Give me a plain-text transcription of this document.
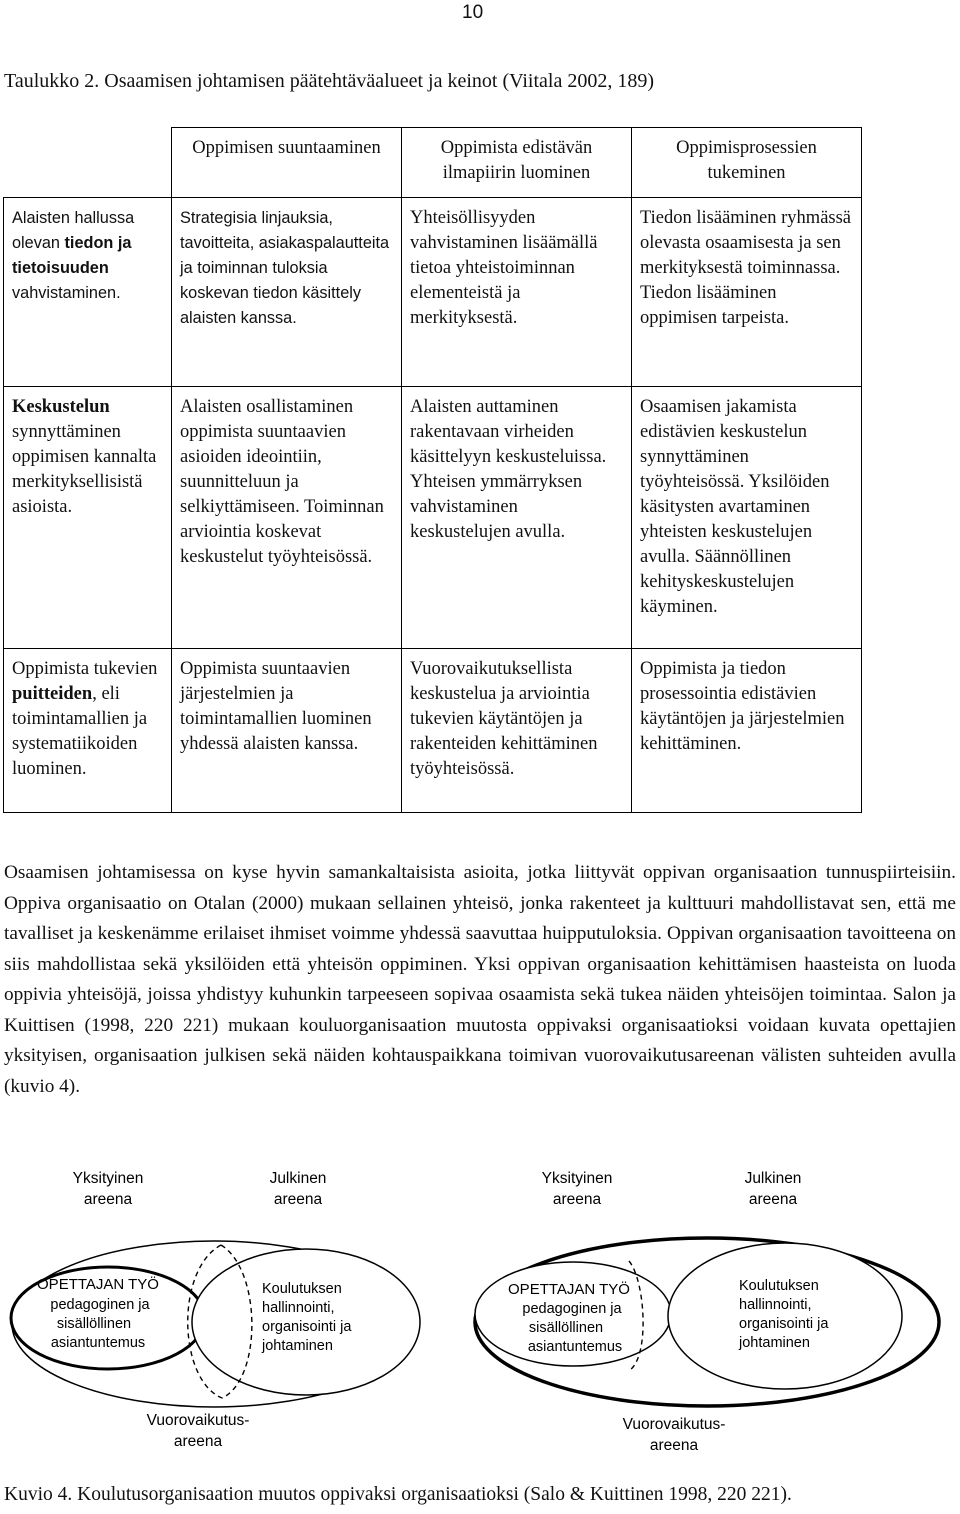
10
Taulukko 2. Osaamisen johtamisen päätehtäväalueet ja keinot (Viitala 2002, 189)
	Oppimisen suuntaaminen	Oppimista edistävän ilmapiirin luominen	Oppimisprosessien tukeminen
Alaisten hallussa olevan tiedon ja tietoisuuden vahvistaminen.	Strategisia linjauksia, tavoitteita, asiakaspalautteita ja toiminnan tuloksia koskevan tiedon käsittely alaisten kanssa.	Yhteisöllisyyden vahvistaminen lisäämällä tietoa yhteistoiminnan elementeistä ja merkityksestä.	Tiedon lisääminen ryhmässä olevasta osaamisesta ja sen merkityksestä toiminnassa. Tiedon lisääminen oppimisen tarpeista.
Keskustelun synnyttäminen oppimisen kannalta merkityksellisistä asioista.	Alaisten osallistaminen oppimista suuntaavien asioiden ideointiin, suunnitteluun ja selkiyttämiseen. Toiminnan arviointia koskevat keskustelut työyhteisössä.	Alaisten auttaminen rakentavaan virheiden käsittelyyn keskusteluissa. Yhteisen ymmärryksen vahvistaminen keskustelujen avulla.	Osaamisen jakamista edistävien keskustelun synnyttäminen työyhteisössä. Yksilöiden käsitysten avartaminen yhteisten keskustelujen avulla. Säännöllinen kehityskeskustelujen käyminen.
Oppimista tukevien puitteiden, eli toimintamallien ja systematiikoiden luominen.	Oppimista suuntaavien järjestelmien ja toimintamallien luominen yhdessä alaisten kanssa.	Vuorovaikutuksellista keskustelua ja arviointia tukevien käytäntöjen ja rakenteiden kehittäminen työyhteisössä.	Oppimista ja tiedon prosessointia edistävien käytäntöjen ja järjestelmien kehittäminen.

Osaamisen johtamisessa on kyse hyvin samankaltaisista asioita, jotka liittyvät oppivan organisaation tunnuspiirteisiin. Oppiva organisaatio on Otalan (2000) mukaan sellainen yhteisö, jonka rakenteet ja kulttuuri mahdollistavat sen, että me tavalliset ja keskenämme erilaiset ihmiset voimme yhdessä saavuttaa huipputuloksia. Oppivan organisaation tavoitteena on siis mahdollistaa sekä yksilöiden että yhteisön oppiminen. Yksi oppivan organisaation kehittämisen haasteista on luoda oppivia yhteisöjä, joissa yhdistyy kuhunkin tarpeeseen sopivaa osaamista sekä tukea näiden yhteisöjen toimintaa. Salon ja Kuittisen (1998, 220 221) mukaan kouluorganisaation muutosta oppivaksi organisaatioksi voidaan kuvata opettajien yksityisen, organisaation julkisen sekä näiden kohtauspaikkana toimivan vuorovaikutusareenan välisten suhteiden avulla (kuvio 4).

Yksityinen areena
Julkinen areena
OPETTAJAN TYÖ
pedagoginen ja sisällöllinen asiantuntemus
Koulutuksen hallinnointi, organisointi ja johtaminen
Vuorovaikutus-areena
Yksityinen areena
Julkinen areena
OPETTAJAN TYÖ
pedagoginen ja sisällöllinen asiantuntemus
Koulutuksen hallinnointi, organisointi ja johtaminen
Vuorovaikutus-areena
Kuvio 4. Koulutusorganisaation muutos oppivaksi organisaatioksi (Salo & Kuittinen 1998, 220 221).
